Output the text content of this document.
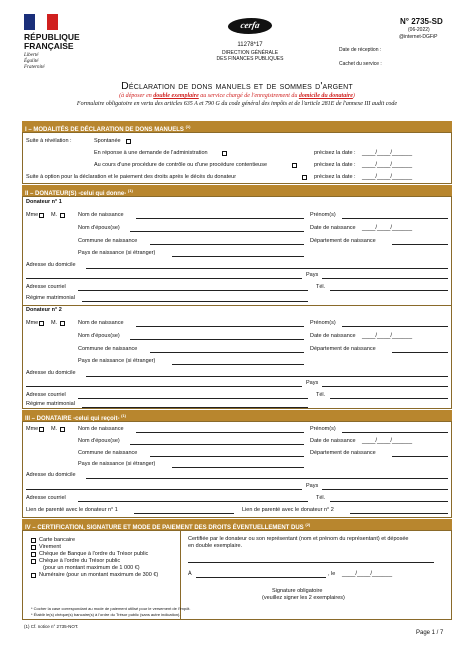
RÉPUBLIQUE
FRANÇAISE
Liberté
Égalité
Fraternité
cerfa
11278*17
DIRECTION GÉNÉRALE
DES FINANCES PUBLIQUES
N° 2735-SD
(06-2022)
@internet-DGFiP
Date de réception :
Cachet du service :
Déclaration de dons manuels et de sommes d'argent
(à déposer en double exemplaire au service chargé de l'enregistrement du domicile du donataire)
Formulaire obligatoire en vertu des articles 635 A et 790 G du code général des impôts et de l'article 281E de l'annexe III audit code
I – MODALITÉS DE DÉCLARATION DE DONS MANUELS $^{(1)}$
Suite à révélation :	Spontanée
En réponse à une demande de l'administration	précisez la date : ____/____/______
Au cours d'une procédure de contrôle ou d'une procédure contentieuse	précisez la date : ____/____/______
Suite à option pour la déclaration et le paiement des droits après le décès du donateur	précisez la date : ____/____/______
II – DONATEUR(S) -celui qui donne- $^{(1)}$
Donateur n° 1
Mme M.	Nom de naissance	Prénom(s)
Nom d'époux(se)	Date de naissance ____/____/______
Commune de naissance	Département de naissance
Pays de naissance (si étranger)
Adresse du domicile
Pays
Adresse courriel	Tél.
Régime matrimonial
Donateur n° 2
Mme M.	Nom de naissance	Prénom(s)
Nom d'époux(se)	Date de naissance ____/____/______
Commune de naissance	Département de naissance
Pays de naissance (si étranger)
Adresse du domicile
Pays
Adresse courriel	Tél.
Régime matrimonial
III – DONATAIRE -celui qui reçoit- $^{(1)}$
Mme M.	Nom de naissance	Prénom(s)
Nom d'époux(se)	Date de naissance ____/____/______
Commune de naissance	Département de naissance
Pays de naissance (si étranger)
Adresse du domicile
Pays
Adresse courriel	Tél.
Lien de parenté avec le donateur n° 1	Lien de parenté avec le donateur n° 2
IV – CERTIFICATION, SIGNATURE ET MODE DE PAIEMENT DES DROITS ÉVENTUELLEMENT DUS $^{(2)}$
Carte bancaire
Virement
Chèque de Banque à l'ordre du Trésor public
Chèque à l'ordre du Trésor public
(pour un montant maximum de 1 000 €)
Numéraire (pour un montant maximum de 300 €)
* Cocher la case correspondant au mode de paiement utilisé pour le versement de l'impôt.
* Établir le(s) chèque(s) bancaire(s) à l'ordre du Trésor public (sans autre indication).
Certifiée par le donateur ou son représentant (nom et prénom du représentant) et déposée
en double exemplaire.
À	, le ____/____/______
Signature obligatoire
(veuillez signer les 2 exemplaires)
(1) Cf. notice n° 2735-NOT.
Page 1 / 7
